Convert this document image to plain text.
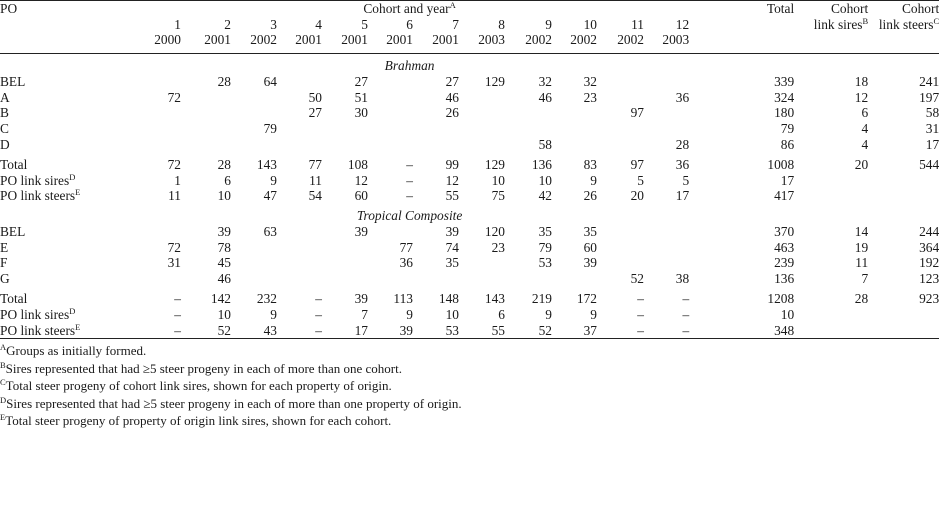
PO	Cohort and year$^A$												Total	Cohort	Cohort
	1	2	3	4	5	6	7	8	9	10	11	12		link sires$^B$	link steers$^C$
	2000	2001	2002	2001	2001	2001	2001	2003	2002	2002	2002	2003			
	Brahman														
BEL		28	64		27		27	129	32	32			339	18	241
A	72			50	51		46		46	23		36	324	12	197
B				27	30		26				97		180	6	58
C			79										79	4	31
D									58			28	86	4	17

Total	72	28	143	77	108	–	99	129	136	83	97	36	1008	20	544
PO link sires$^D$	1	6	9	11	12	–	12	10	10	9	5	5	17		
PO link steers$^E$	11	10	47	54	60	–	55	75	42	26	20	17	417		
	Tropical Composite														
BEL		39	63		39		39	120	35	35			370	14	244
E	72	78				77	74	23	79	60			463	19	364
F	31	45				36	35		53	39			239	11	192
G		46									52	38	136	7	123

Total	–	142	232	–	39	113	148	143	219	172	–	–	1208	28	923
PO link sires$^D$	–	10	9	–	7	9	10	6	9	9	–	–	10		
PO link steers$^E$	–	52	43	–	17	39	53	55	52	37	–	–	348		
$^A$Groups as initially formed.
$^B$Sires represented that had ≥5 steer progeny in each of more than one cohort.
$^C$Total steer progeny of cohort link sires, shown for each property of origin.
$^D$Sires represented that had ≥5 steer progeny in each of more than one property of origin.
$^E$Total steer progeny of property of origin link sires, shown for each cohort.
